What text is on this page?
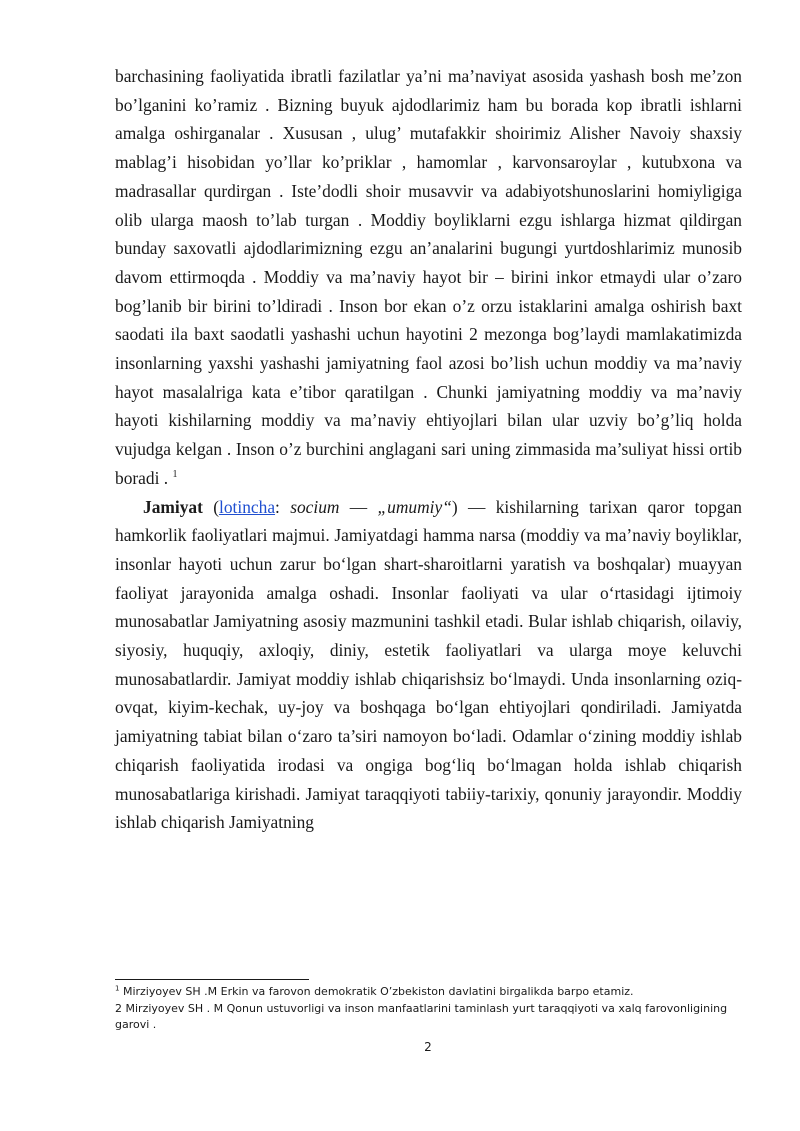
barchasining faoliyatida ibratli fazilatlar ya’ni ma’naviyat asosida yashash bosh me’zon bo’lganini ko’ramiz . Bizning buyuk ajdodlarimiz ham bu borada kop ibratli ishlarni amalga oshirganalar . Xususan , ulug’ mutafakkir shoirimiz Alisher Navoiy shaxsiy mablag’i hisobidan yo’llar ko’priklar , hamomlar , karvonsaroylar , kutubxona va madrasallar qurdirgan . Iste’dodli shoir musavvir va adabiyotshunoslarini homiyligiga olib ularga maosh to’lab turgan . Moddiy boyliklarni ezgu ishlarga hizmat qildirgan bunday saxovatli ajdodlarimizning ezgu an’analarini bugungi yurtdoshlarimiz munosib davom ettirmoqda . Moddiy va ma’naviy hayot bir – birini inkor etmaydi ular o’zaro bog’lanib bir birini to’ldiradi . Inson bor ekan o’z orzu istaklarini amalga oshirish baxt saodati ila baxt saodatli yashashi uchun hayotini 2 mezonga bog’laydi mamlakatimizda insonlarning yaxshi yashashi jamiyatning faol azosi bo’lish uchun moddiy va ma’naviy hayot masalalriga kata e’tibor qaratilgan . Chunki jamiyatning moddiy va ma’naviy hayoti kishilarning moddiy va ma’naviy ehtiyojlari bilan ular uzviy bo’g’liq holda vujudga kelgan . Inson o’z burchini anglagani sari uning zimmasida ma’suliyat hissi ortib boradi . $^1$

Jamiyat (lotincha: socium — „umumiy“) — kishilarning tarixan qaror topgan hamkorlik faoliyatlari majmui. Jamiyatdagi hamma narsa (moddiy va ma’naviy boyliklar, insonlar hayoti uchun zarur boʻlgan shart-sharoitlarni yaratish va boshqalar) muayyan faoliyat jarayonida amalga oshadi. Insonlar faoliyati va ular oʻrtasidagi ijtimoiy munosabatlar Jamiyatning asosiy mazmunini tashkil etadi. Bular ishlab chiqarish, oilaviy, siyosiy, huquqiy, axloqiy, diniy, estetik faoliyatlari va ularga moye keluvchi munosabatlardir. Jamiyat moddiy ishlab chiqarishsiz boʻlmaydi. Unda insonlarning oziq-ovqat, kiyim-kechak, uy-joy va boshqaga boʻlgan ehtiyojlari qondiriladi. Jamiyatda jamiyatning tabiat bilan oʻzaro ta’siri namoyon boʻladi. Odamlar oʻzining moddiy ishlab chiqarish faoliyatida irodasi va ongiga bogʻliq boʻlmagan holda ishlab chiqarish munosabatlariga kirishadi. Jamiyat taraqqiyoti tabiiy-tarixiy, qonuniy jarayondir. Moddiy ishlab chiqarish Jamiyatning

$^1$ Mirziyoyev SH .M Erkin va farovon demokratik O’zbekiston davlatini birgalikda barpo etamiz.

2 Mirziyoyev SH . M Qonun ustuvorligi va inson manfaatlarini taminlash yurt taraqqiyoti va xalq farovonligining garovi .

2
